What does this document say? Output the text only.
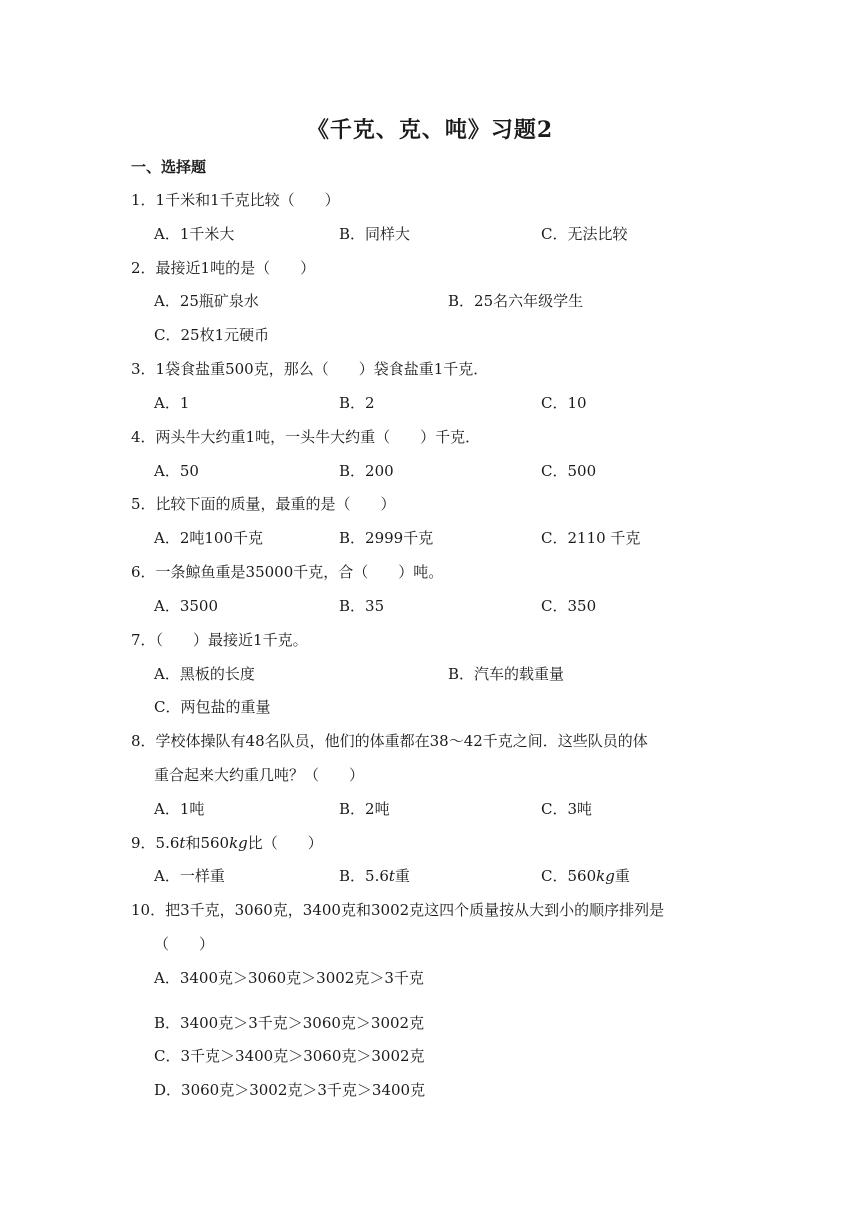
《千克、克、吨》习题2
一、选择题
1．1千米和1千克比较（　　）
A．1千米大	B．同样大	C．无法比较
2．最接近1吨的是（　　）
A．25瓶矿泉水	B．25名六年级学生
C．25枚1元硬币
3．1袋食盐重500克，那么（　　）袋食盐重1千克．
A．1	B．2	C．10
4．两头牛大约重1吨，一头牛大约重（　　）千克．
A．50	B．200	C．500
5．比较下面的质量，最重的是（　　）
A．2吨100千克	B．2999千克	C．2110 千克
6．一条鲸鱼重是35000千克，合（　　）吨。
A．3500	B．35	C．350
7．（　　）最接近1千克。
A．黑板的长度	B．汽车的载重量
C．两包盐的重量
8．学校体操队有48名队员，他们的体重都在38～42千克之间．这些队员的体
重合起来大约重几吨？（　　）
A．1吨	B．2吨	C．3吨
9．5.6t和560kg比（　　）
A．一样重	B．5.6t重	C．560kg重
10．把3千克，3060克，3400克和3002克这四个质量按从大到小的顺序排列是
（　　）
A．3400克＞3060克＞3002克＞3千克
B．3400克＞3千克＞3060克＞3002克
C．3千克＞3400克＞3060克＞3002克
D．3060克＞3002克＞3千克＞3400克
